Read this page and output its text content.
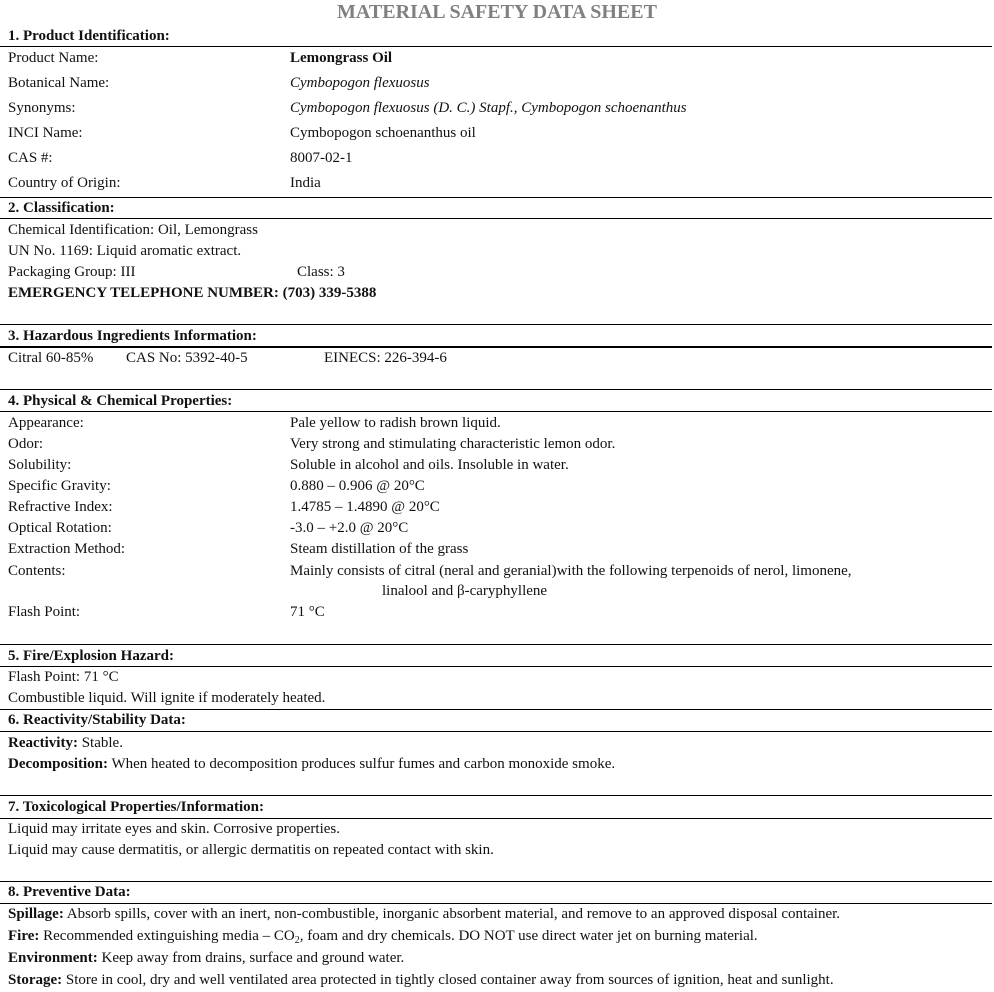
MATERIAL SAFETY DATA SHEET
1. Product Identification:
Product Name:	Lemongrass Oil
Botanical Name:	Cymbopogon flexuosus
Synonyms:	Cymbopogon flexuosus (D. C.) Stapf., Cymbopogon schoenanthus
INCI Name:	Cymbopogon schoenanthus oil
CAS #:	8007-02-1
Country of Origin:	India
2. Classification:
Chemical Identification: Oil, Lemongrass
UN No. 1169: Liquid aromatic extract.
Packaging Group: III	Class: 3
EMERGENCY TELEPHONE NUMBER: (703) 339-5388
3. Hazardous Ingredients Information:
Citral 60-85% CAS No: 5392-40-5	EINECS: 226-394-6
4. Physical & Chemical Properties:
Appearance:	Pale yellow to radish brown liquid.
Odor:	Very strong and stimulating characteristic lemon odor.
Solubility:	Soluble in alcohol and oils. Insoluble in water.
Specific Gravity:	0.880 – 0.906 @ 20°C
Refractive Index:	1.4785 – 1.4890 @ 20°C
Optical Rotation:	-3.0 – +2.0 @ 20°C
Extraction Method:	Steam distillation of the grass
Contents:	Mainly consists of citral (neral and geranial)with the following terpenoids of nerol, limonene,
linalool and β-caryphyllene
Flash Point:	71 °C
5. Fire/Explosion Hazard:
Flash Point: 71 °C
Combustible liquid. Will ignite if moderately heated.
6. Reactivity/Stability Data:
Reactivity: Stable.
Decomposition: When heated to decomposition produces sulfur fumes and carbon monoxide smoke.
7. Toxicological Properties/Information:
Liquid may irritate eyes and skin. Corrosive properties.
Liquid may cause dermatitis, or allergic dermatitis on repeated contact with skin.
8. Preventive Data:
Spillage: Absorb spills, cover with an inert, non-combustible, inorganic absorbent material, and remove to an approved disposal container.
Fire: Recommended extinguishing media – $CO_2$, foam and dry chemicals. DO NOT use direct water jet on burning material.
Environment: Keep away from drains, surface and ground water.
Storage: Store in cool, dry and well ventilated area protected in tightly closed container away from sources of ignition, heat and sunlight.
